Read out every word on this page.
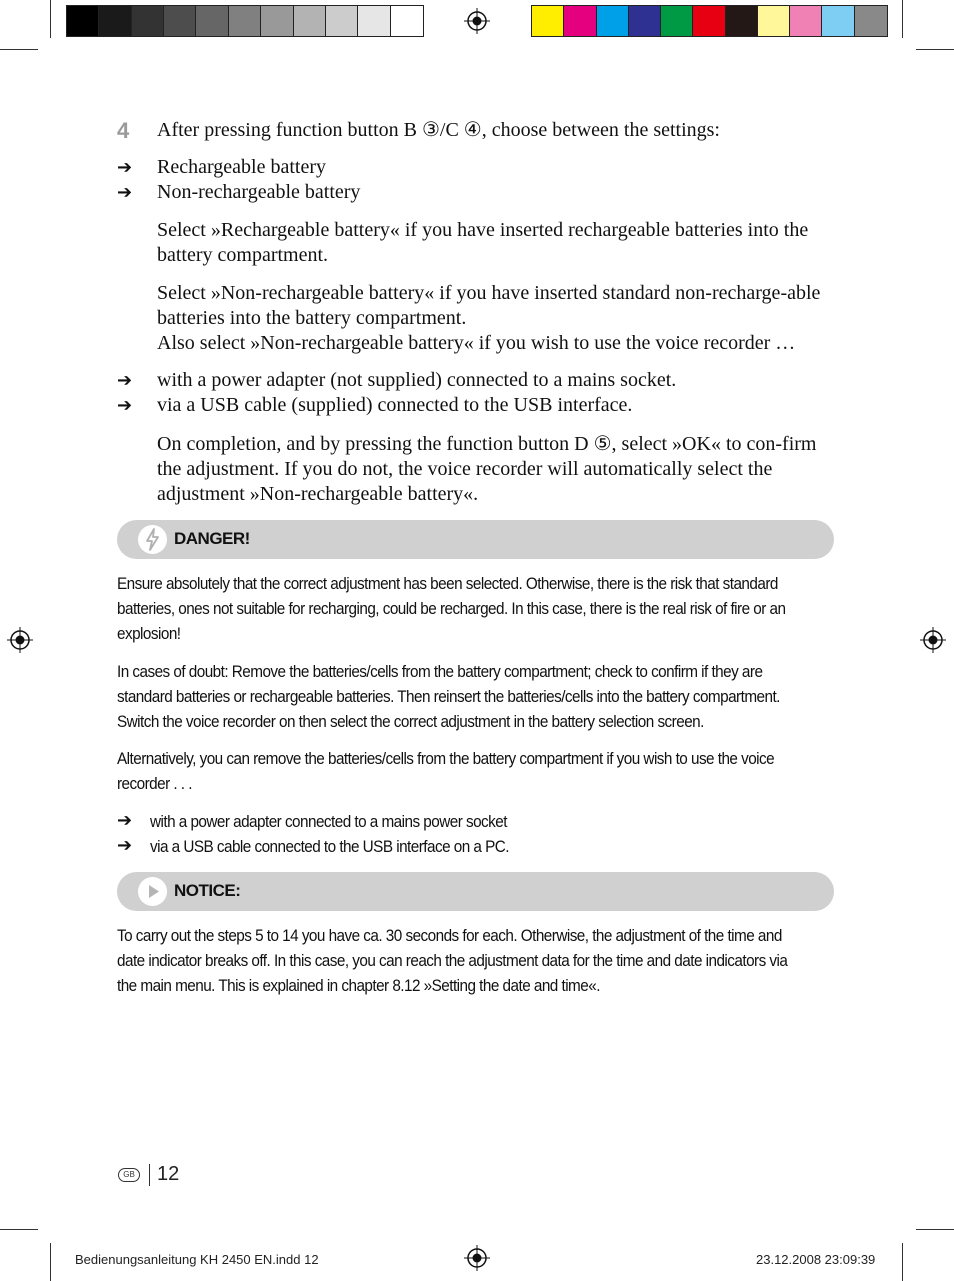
4 After pressing function button B ③/C ④, choose between the settings:

➔ Rechargeable battery

➔ Non-rechargeable battery

Select »Rechargeable battery« if you have inserted rechargeable batteries into the battery compartment.

Select »Non-rechargeable battery« if you have inserted standard non-recharge-able batteries into the battery compartment.

Also select »Non-rechargeable battery« if you wish to use the voice recorder …

➔ with a power adapter (not supplied) connected to a mains socket.

➔ via a USB cable (supplied) connected to the USB interface.

On completion, and by pressing the function button D ⑤, select »OK« to con-firm the adjustment. If you do not, the voice recorder will automatically select the adjustment »Non-rechargeable battery«.

DANGER!

Ensure absolutely that the correct adjustment has been selected. Otherwise, there is the risk that standard batteries, ones not suitable for recharging, could be recharged. In this case, there is the real risk of fire or an explosion!

In cases of doubt: Remove the batteries/cells from the battery compartment; check to confirm if they are standard batteries or rechargeable batteries. Then reinsert the batteries/cells into the battery compartment. Switch the voice recorder on then select the correct adjustment in the battery selection screen.

Alternatively, you can remove the batteries/cells from the battery compartment if you wish to use the voice recorder . . .

➔ with a power adapter connected to a mains power socket

➔ via a USB cable connected to the USB interface on a PC.

NOTICE:

To carry out the steps 5 to 14 you have ca. 30 seconds for each. Otherwise, the adjustment of the time and date indicator breaks off. In this case, you can reach the adjustment data for the time and date indicators via the main menu. This is explained in chapter 8.12 »Setting the date and time«.

GB 12
Bedienungsanleitung KH 2450 EN.indd 12	23.12.2008 23:09:39
